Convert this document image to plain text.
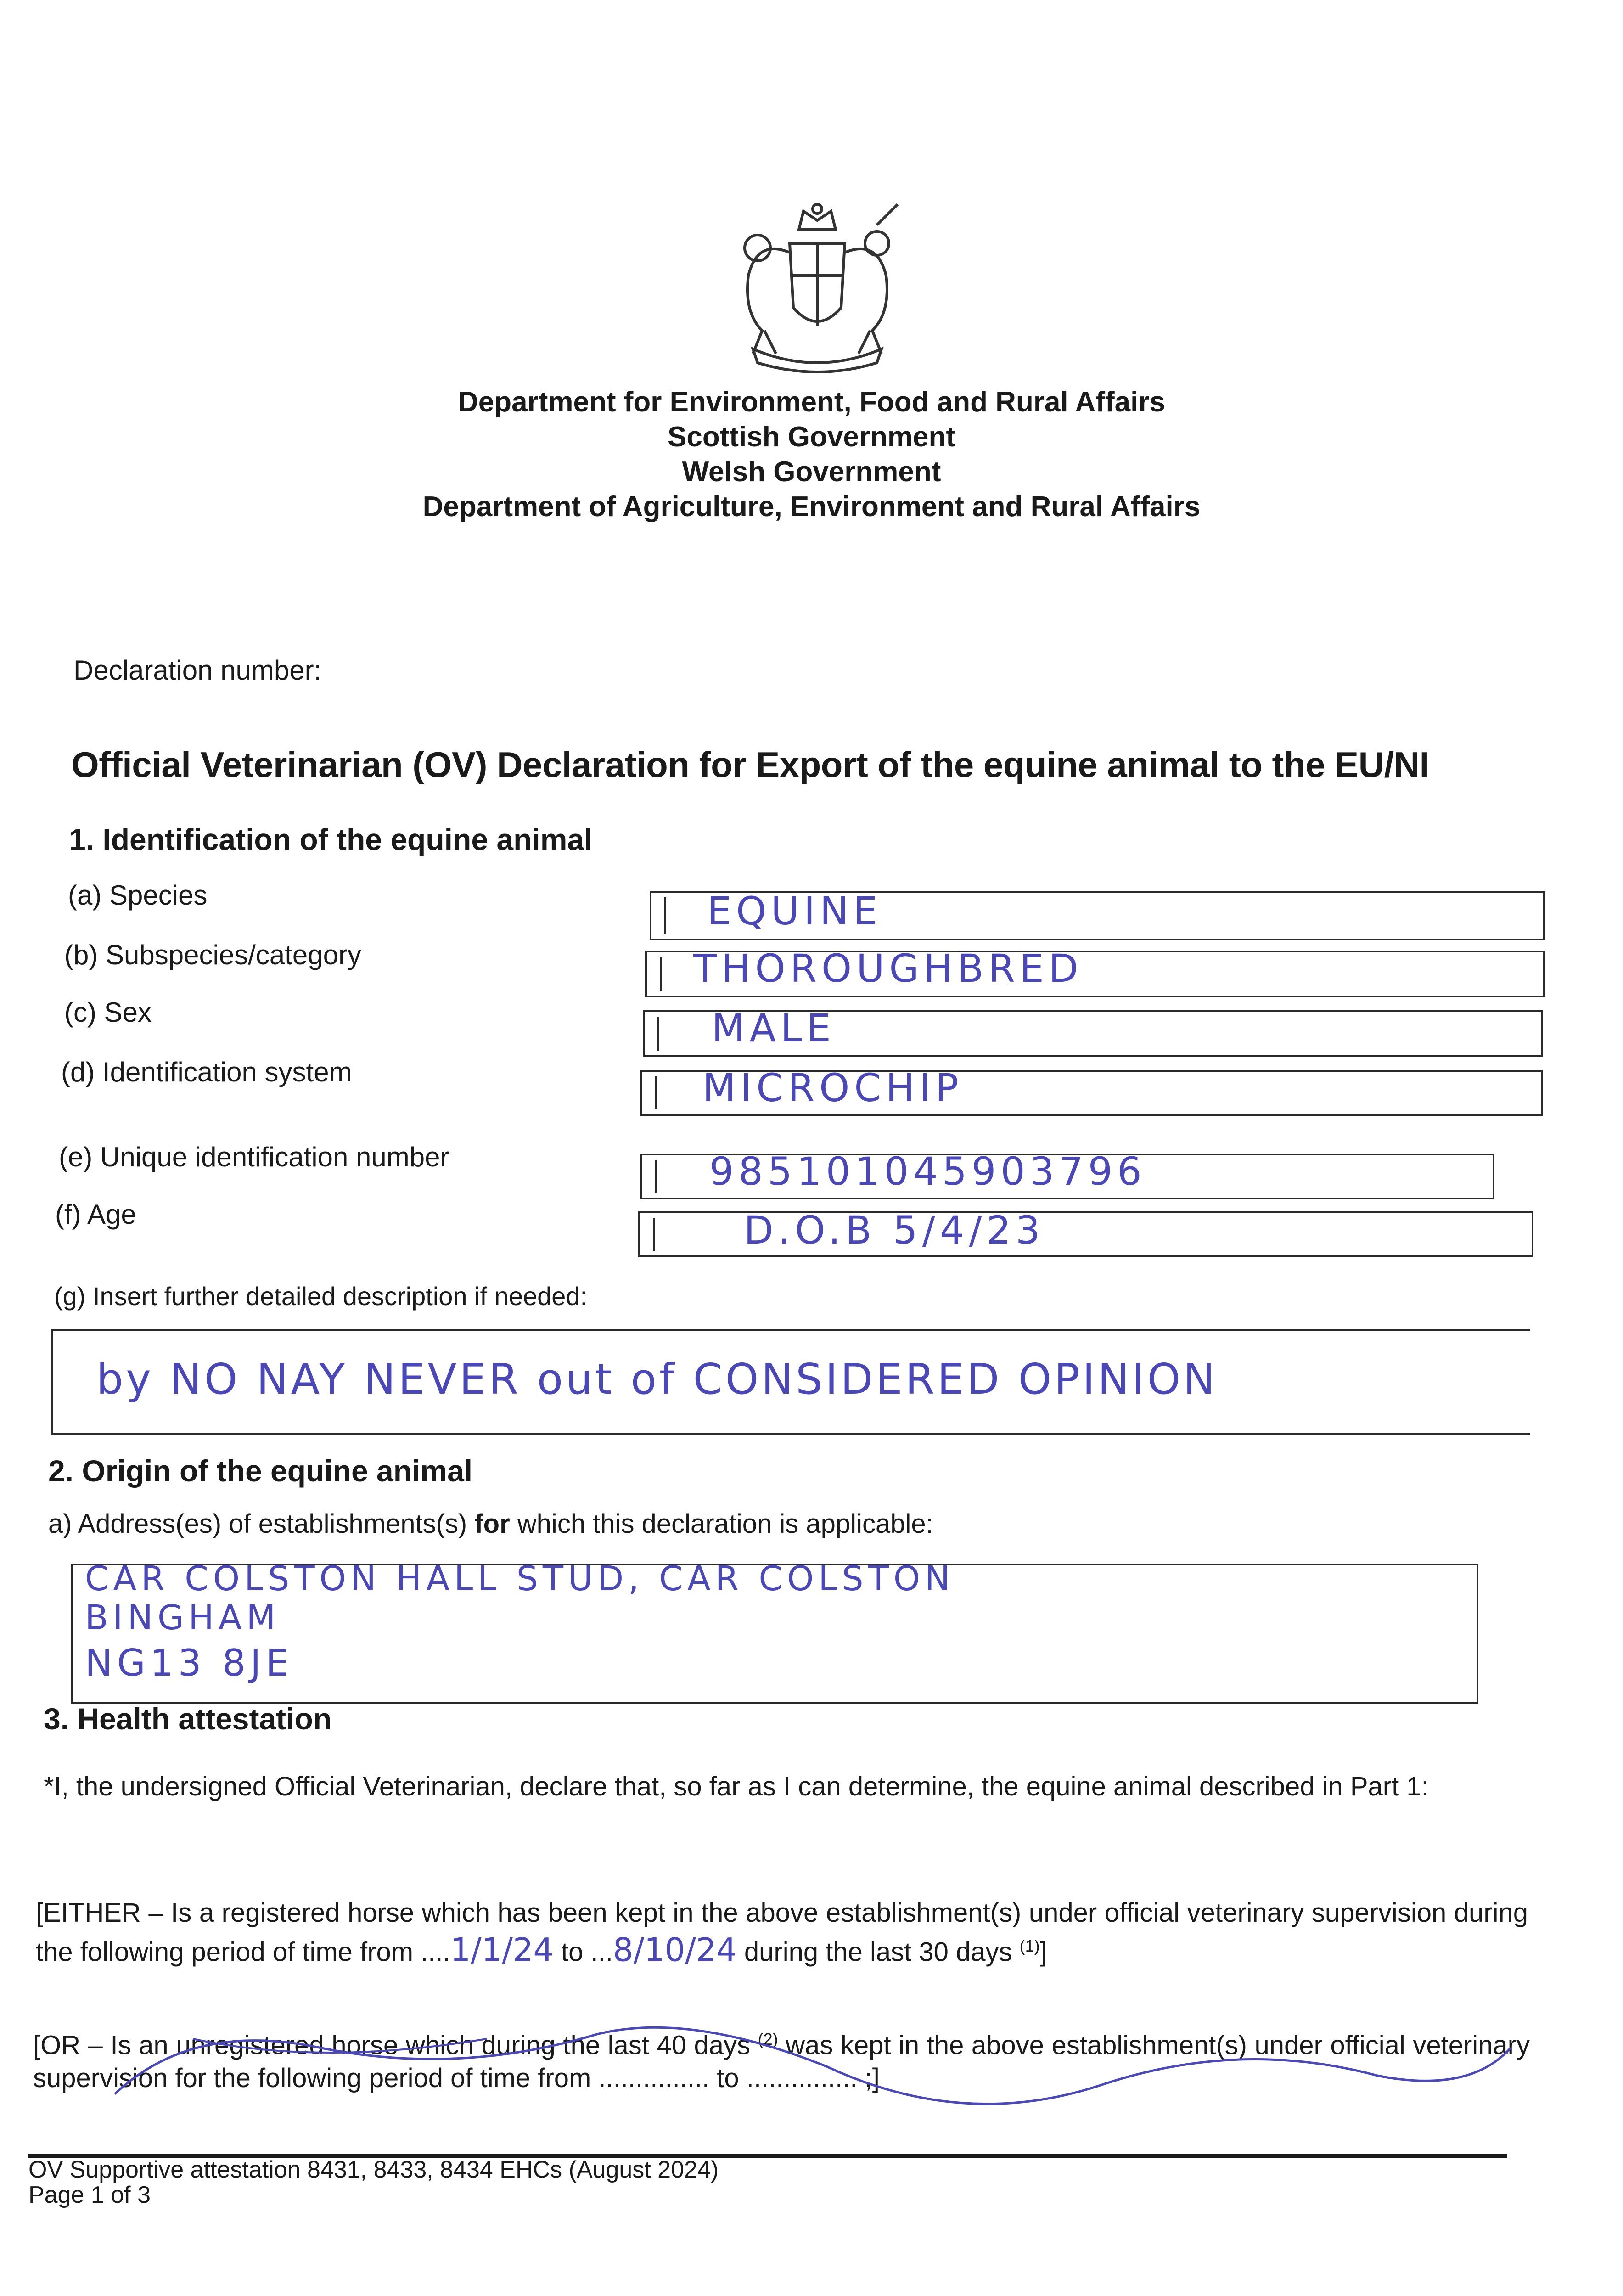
Department for Environment, Food and Rural Affairs
Scottish Government
Welsh Government
Department of Agriculture, Environment and Rural Affairs
Declaration number:
Official Veterinarian (OV) Declaration for Export of the equine animal to the EU/NI
1. Identification of the equine animal
(a) Species	EQUINE
(b) Subspecies/category	THOROUGHBRED
(c) Sex	MALE
(d) Identification system	MICROCHIP
(e) Unique identification number	985101045903796
(f) Age	D.O.B 5/4/23
(g) Insert further detailed description if needed:
by NO NAY NEVER out of CONSIDERED OPINION
2. Origin of the equine animal
a) Address(es) of establishments(s) for which this declaration is applicable:
CAR COLSTON HALL STUD, CAR COLSTON
BINGHAM
NG13 8JE
3. Health attestation
*I, the undersigned Official Veterinarian, declare that, so far as I can determine, the equine animal described in Part 1:
[EITHER – Is a registered horse which has been kept in the above establishment(s) under official veterinary supervision during the following period of time from ....1/1/24 to ...8/10/24 during the last 30 days $^{(1)}$]
[OR – Is an unregistered horse which during the last 40 days $^{(2)}$ was kept in the above establishment(s) under official veterinary supervision for the following period of time from ............... to ............... ;]
OV Supportive attestation 8431, 8433, 8434 EHCs (August 2024)
Page 1 of 3
